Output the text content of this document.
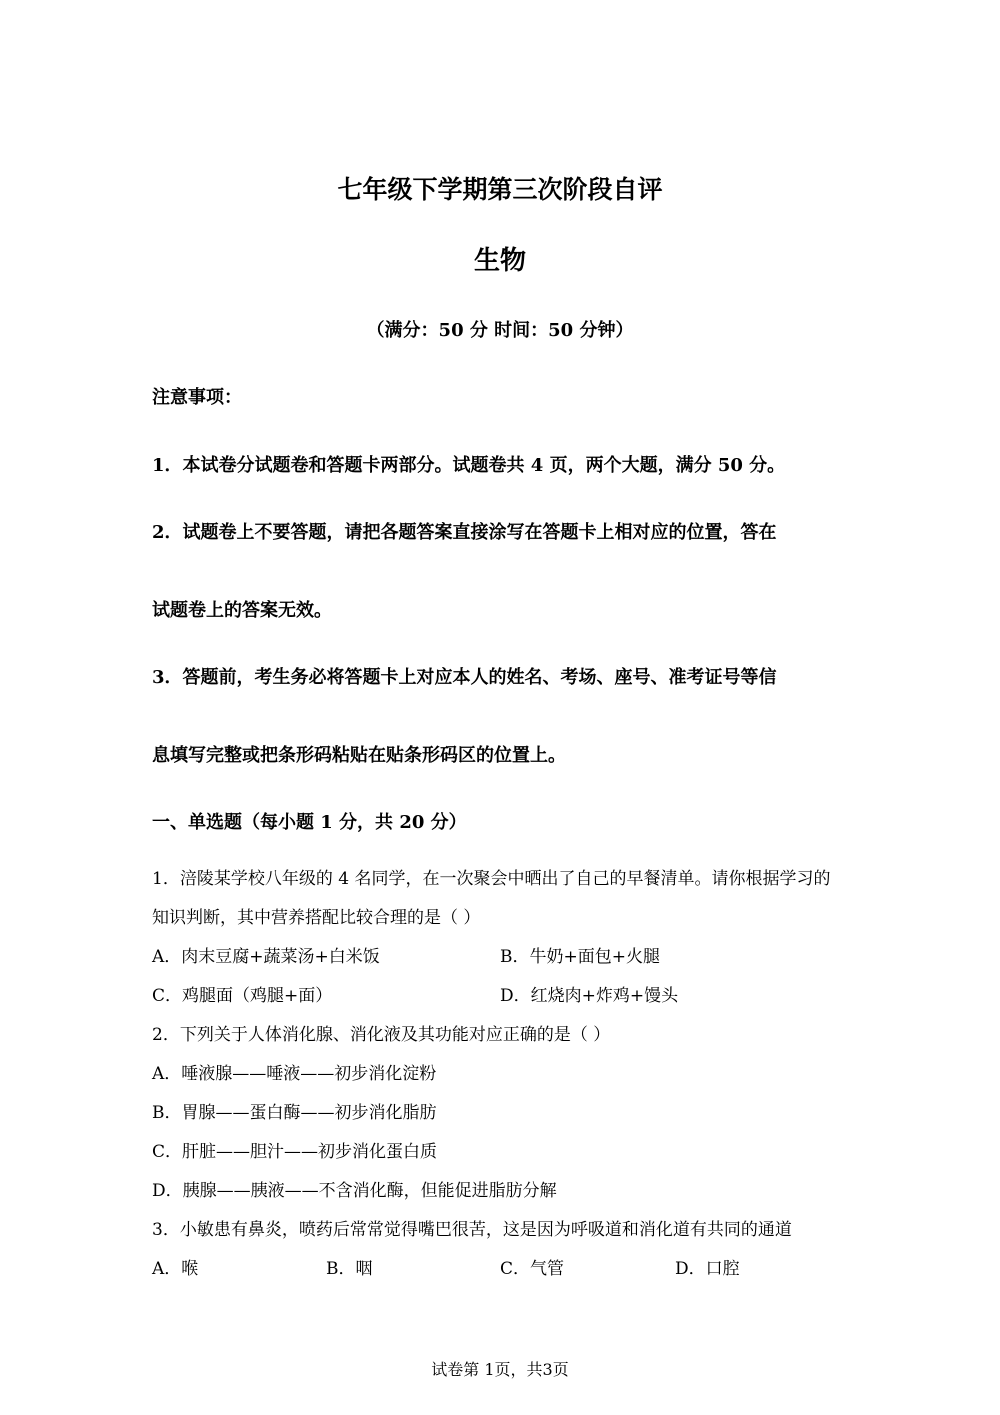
七年级下学期第三次阶段自评
生物
（满分：50 分 时间：50 分钟）
注意事项：
1．本试卷分试题卷和答题卡两部分。试题卷共 4 页，两个大题，满分 50 分。
2．试题卷上不要答题，请把各题答案直接涂写在答题卡上相对应的位置，答在
试题卷上的答案无效。
3．答题前，考生务必将答题卡上对应本人的姓名、考场、座号、准考证号等信
息填写完整或把条形码粘贴在贴条形码区的位置上。
一、单选题（每小题 1 分，共 20 分）
1．涪陵某学校八年级的 4 名同学，在一次聚会中晒出了自己的早餐清单。请你根据学习的
知识判断，其中营养搭配比较合理的是（ ）
A．肉末豆腐+蔬菜汤+白米饭	B．牛奶+面包+火腿
C．鸡腿面（鸡腿+面）	D．红烧肉+炸鸡+馒头
2．下列关于人体消化腺、消化液及其功能对应正确的是（ ）
A．唾液腺——唾液——初步消化淀粉
B．胃腺——蛋白酶——初步消化脂肪
C．肝脏——胆汁——初步消化蛋白质
D．胰腺——胰液——不含消化酶，但能促进脂肪分解
3．小敏患有鼻炎，喷药后常常觉得嘴巴很苦，这是因为呼吸道和消化道有共同的通道
A．喉	B．咽	C．气管	D．口腔
试卷第 1页，共3页
